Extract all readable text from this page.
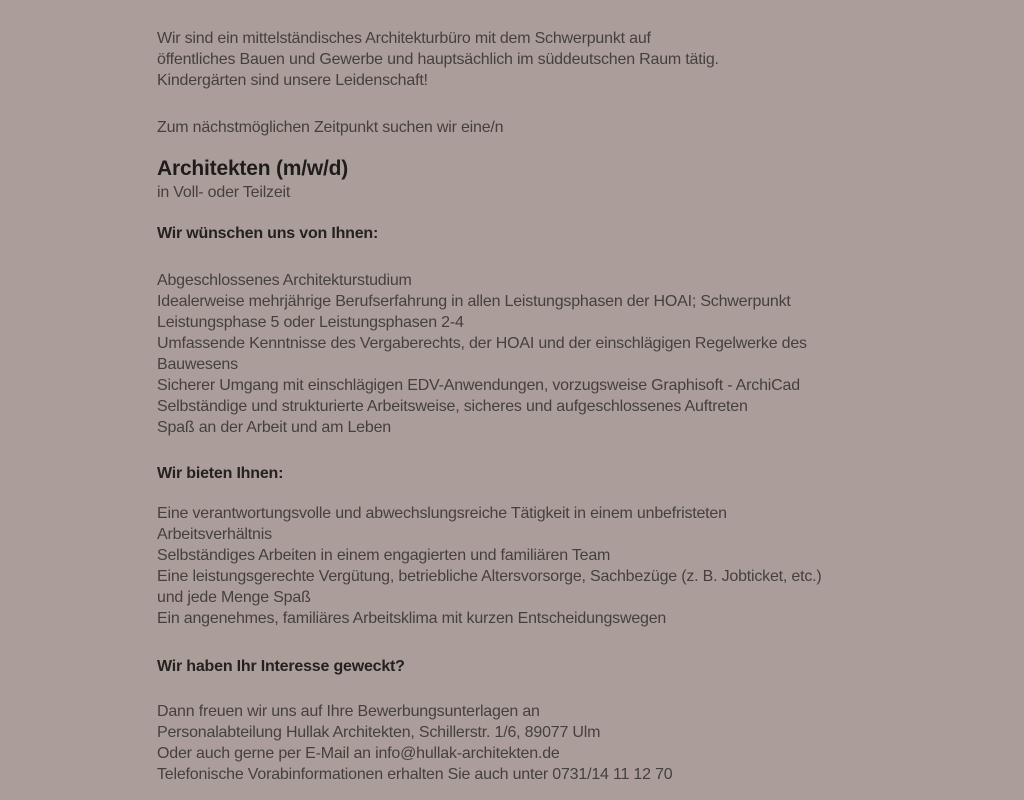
Wir sind ein mittelständisches Architekturbüro mit dem Schwerpunkt auf
öffentliches Bauen und Gewerbe und hauptsächlich im süddeutschen Raum tätig.
Kindergärten sind unsere Leidenschaft!
Zum nächstmöglichen Zeitpunkt suchen wir eine/n
Architekten (m/w/d)
in Voll- oder Teilzeit
Wir wünschen uns von Ihnen:
Abgeschlossenes Architekturstudium
Idealerweise mehrjährige Berufserfahrung in allen Leistungsphasen der HOAI; Schwerpunkt
Leistungsphase 5 oder Leistungsphasen 2-4
Umfassende Kenntnisse des Vergaberechts, der HOAI und der einschlägigen Regelwerke des
Bauwesens
Sicherer Umgang mit einschlägigen EDV-Anwendungen, vorzugsweise Graphisoft - ArchiCad
Selbständige und strukturierte Arbeitsweise, sicheres und aufgeschlossenes Auftreten
Spaß an der Arbeit und am Leben
Wir bieten Ihnen:
Eine verantwortungsvolle und abwechslungsreiche Tätigkeit in einem unbefristeten
Arbeitsverhältnis
Selbständiges Arbeiten in einem engagierten und familiären Team
Eine leistungsgerechte Vergütung, betriebliche Altersvorsorge, Sachbezüge (z. B. Jobticket, etc.)
und jede Menge Spaß
Ein angenehmes, familiäres Arbeitsklima mit kurzen Entscheidungswegen
Wir haben Ihr Interesse geweckt?
Dann freuen wir uns auf Ihre Bewerbungsunterlagen an
Personalabteilung Hullak Architekten, Schillerstr. 1/6, 89077 Ulm
Oder auch gerne per E-Mail an info@hullak-architekten.de
Telefonische Vorabinformationen erhalten Sie auch unter 0731/14 11 12 70
